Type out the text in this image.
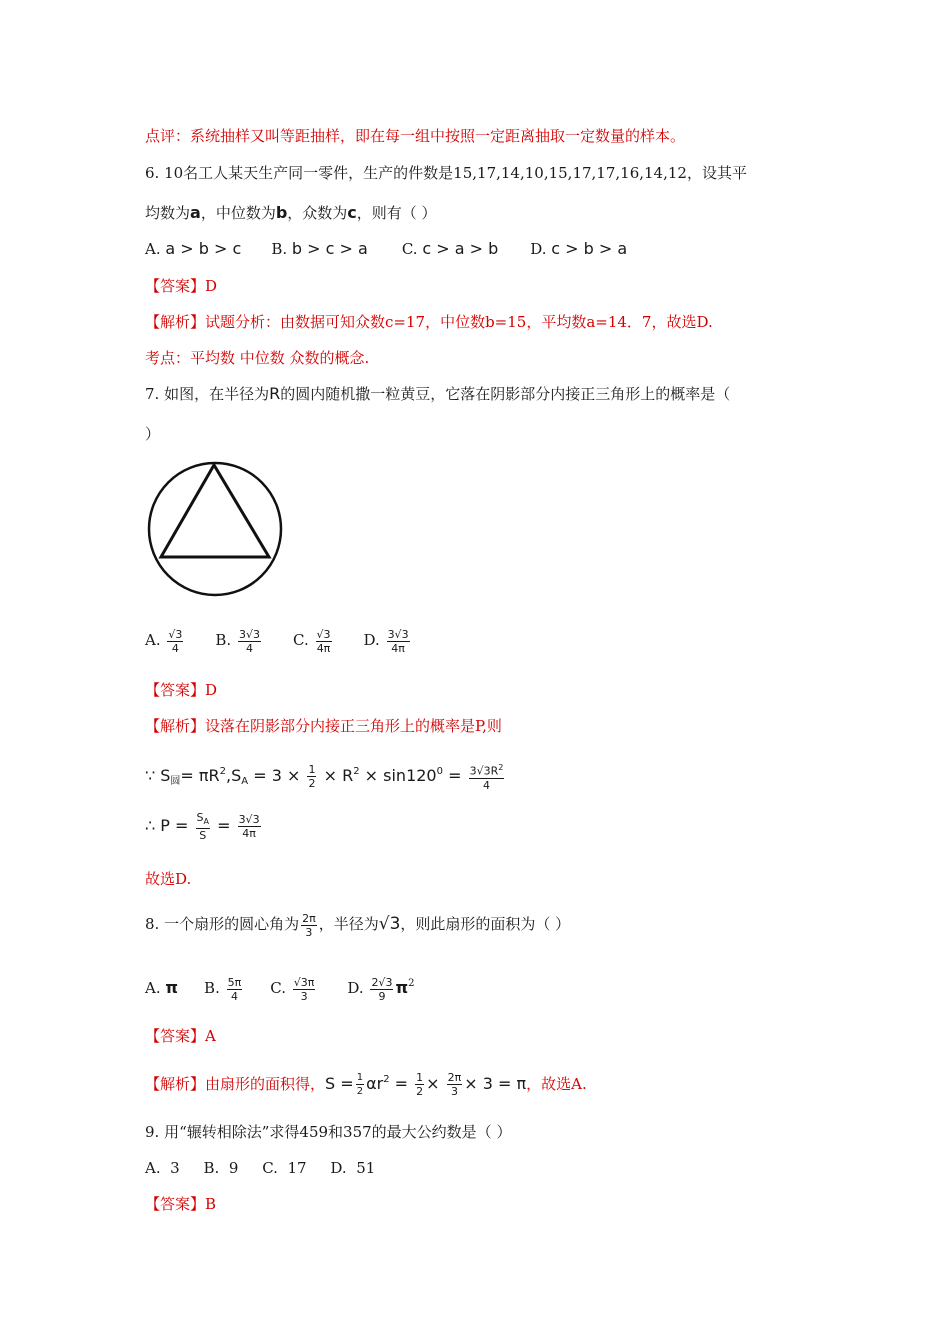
点评：系统抽样又叫等距抽样，即在每一组中按照一定距离抽取一定数量的样本。
6. 10名工人某天生产同一零件，生产的件数是15,17,14,10,15,17,17,16,14,12，设其平
均数为a，中位数为b，众数为c，则有（ ）
A. a > b > c B. b > c > a C. c > a > b D. c > b > a
【答案】D
【解析】试题分析：由数据可知众数c=17，中位数b=15，平均数a=14．7，故选D.
考点：平均数 中位数 众数的概念.
7. 如图，在半径为R的圆内随机撒一粒黄豆，它落在阴影部分内接正三角形上的概率是（
）
A. $\frac{√3}{4} B$. $\frac{3√3}{4} C$. $\frac{√3}{4\pi} D$. $\frac{3√3}{4\pi}$
【答案】D
【解析】设落在阴影部分内接正三角形上的概率是P,则
∵ $S_圆= \pi R^2,S_A = 3 \times \frac{1}{2} \times R^2 \times \sin 120^0 = \frac{3√3R^2}{4}$
∴ $P = \frac{S_A}{S} = \frac{3√3}{4\pi}$
故选D.
8. 一个扇形的圆心角为 $\frac{2\pi}{3}$ ，半径为√3，则此扇形的面积为（ ）
A. π B. $\frac{5\pi}{4} C$. $\frac{√3\pi}{3} D$. $\frac{2√3}{9} \pi^2$
【答案】A
【解析】由扇形的面积得，$S = \frac{1}{2} \alpha r^2 = \frac{1}{2} \times \frac{2\pi}{3} \times 3 = \pi$，故选A.
9. 用“辗转相除法”求得459和357的最大公约数是（ ）
A.  3     B.  9     C.  17     D.  51
【答案】B
